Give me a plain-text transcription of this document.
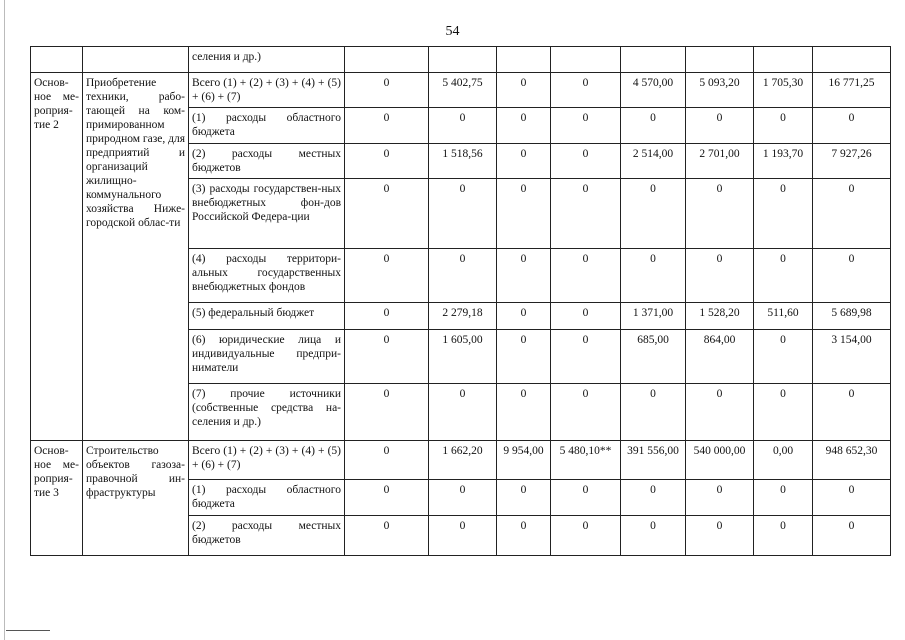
54
		селения и др.)								
Основ-ное ме-роприя-тие 2	Приобретение техники, рабо-тающей на ком-примированном природном газе, для предприятий и организаций жилищно-коммунального хозяйства Ниже-городской облас-ти	Всего (1) + (2) + (3) + (4) + (5) + (6) + (7)	0	5 402,75	0	0	4 570,00	5 093,20	1 705,30	16 771,25
		(1) расходы областного бюджета	0	0	0	0	0	0	0	0
		(2) расходы местных бюджетов	0	1 518,56	0	0	2 514,00	2 701,00	1 193,70	7 927,26
		(3) расходы государствен-ных внебюджетных фон-дов Российской Федера-ции	0	0	0	0	0	0	0	0
		(4) расходы территори-альных государственных внебюджетных фондов	0	0	0	0	0	0	0	0
		(5) федеральный бюджет	0	2 279,18	0	0	1 371,00	1 528,20	511,60	5 689,98
		(6) юридические лица и индивидуальные предпри-ниматели	0	1 605,00	0	0	685,00	864,00	0	3 154,00
		(7) прочие источники (собственные средства на-селения и др.)	0	0	0	0	0	0	0	0
Основ-ное ме-роприя-тие 3	Строительство объектов газоза-правочной ин-фраструктуры	Всего (1) + (2) + (3) + (4) + (5) + (6) + (7)	0	1 662,20	9 954,00	5 480,10**	391 556,00	540 000,00	0,00	948 652,30
		(1) расходы областного бюджета	0	0	0	0	0	0	0	0
		(2) расходы местных бюджетов	0	0	0	0	0	0	0	0
